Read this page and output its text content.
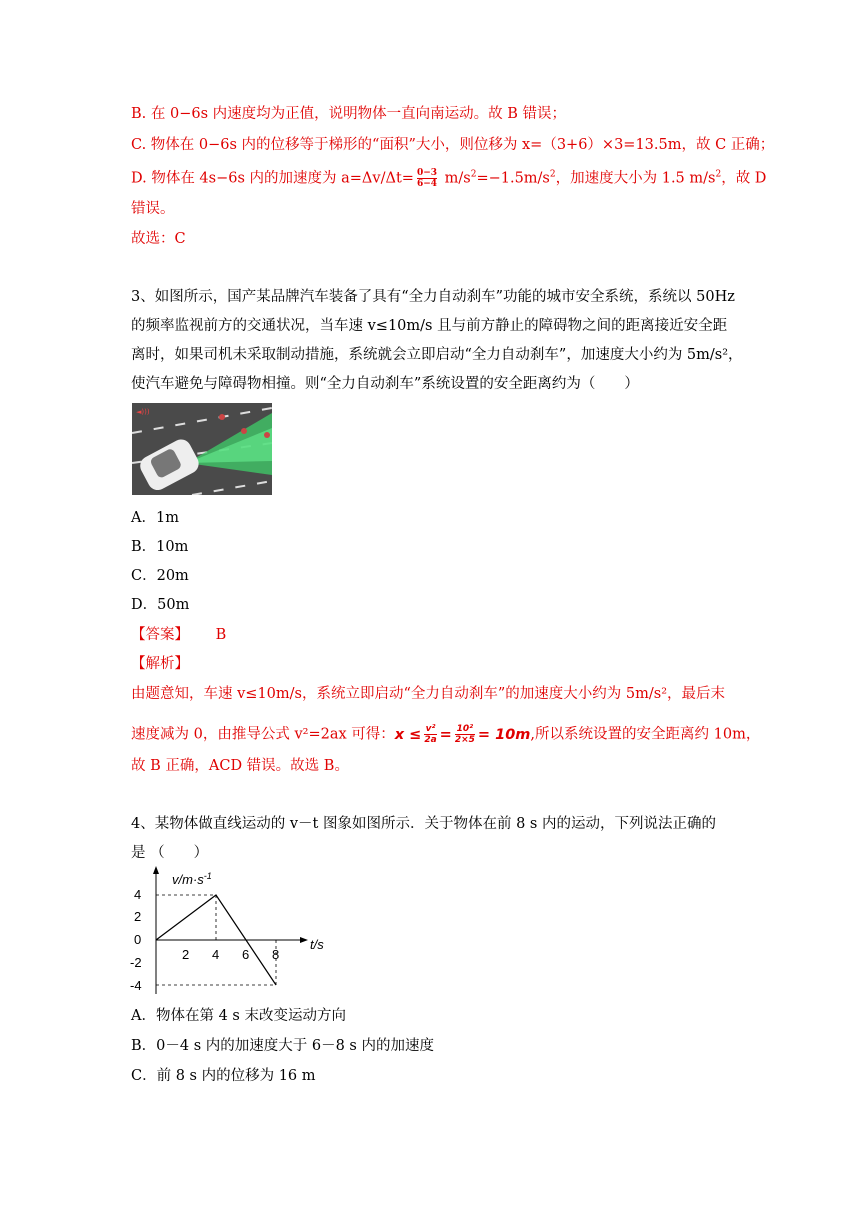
B. 在 0−6s 内速度均为正值，说明物体一直向南运动。故 B 错误；
C. 物体在 0−6s 内的位移等于梯形的“面积”大小，则位移为 x=（3+6）×3=13.5m，故 C 正确；
D. 物体在 4s−6s 内的加速度为 $a=\Delta v/\Delta t= \frac{0-3}{6-4} m/s^2=-1.5m/s^2$，加速度大小为 1.5 $m/s^2$，故 D
错误。
故选：C
3、如图所示，国产某品牌汽车装备了具有“全力自动刹车”功能的城市安全系统，系统以 50Hz
的频率监视前方的交通状况，当车速 v≤10m/s 且与前方静止的障碍物之间的距离接近安全距
离时，如果司机未采取制动措施，系统就会立即启动“全力自动刹车”，加速度大小约为 5m/s²，
使汽车避免与障碍物相撞。则“全力自动刹车”系统设置的安全距离约为（　　）
◄)))
A．1m
B．10m
C．20m
D．50m
【答案】 B
【解析】
由题意知，车速 v≤10m/s，系统立即启动“全力自动刹车”的加速度大小约为 5m/s²，最后末
速度减为 0，由推导公式 v²=2ax 可得：$x \le \frac{\text{v²}}{2a} = \frac{\text{10²}}{2\times 5} = 10m$,所以系统设置的安全距离约 10m，
故 B 正确，ACD 错误。故选 B。
4、某物体做直线运动的 v－t 图象如图所示．关于物体在前 8 s 内的运动，下列说法正确的
是 （　　）
$v/m\cdot s^{-1}$
t/s
4
2
0
-2
-4
2 4 6 8
A．物体在第 4 s 末改变运动方向
B．0－4 s 内的加速度大于 6－8 s 内的加速度
C．前 8 s 内的位移为 16 m
